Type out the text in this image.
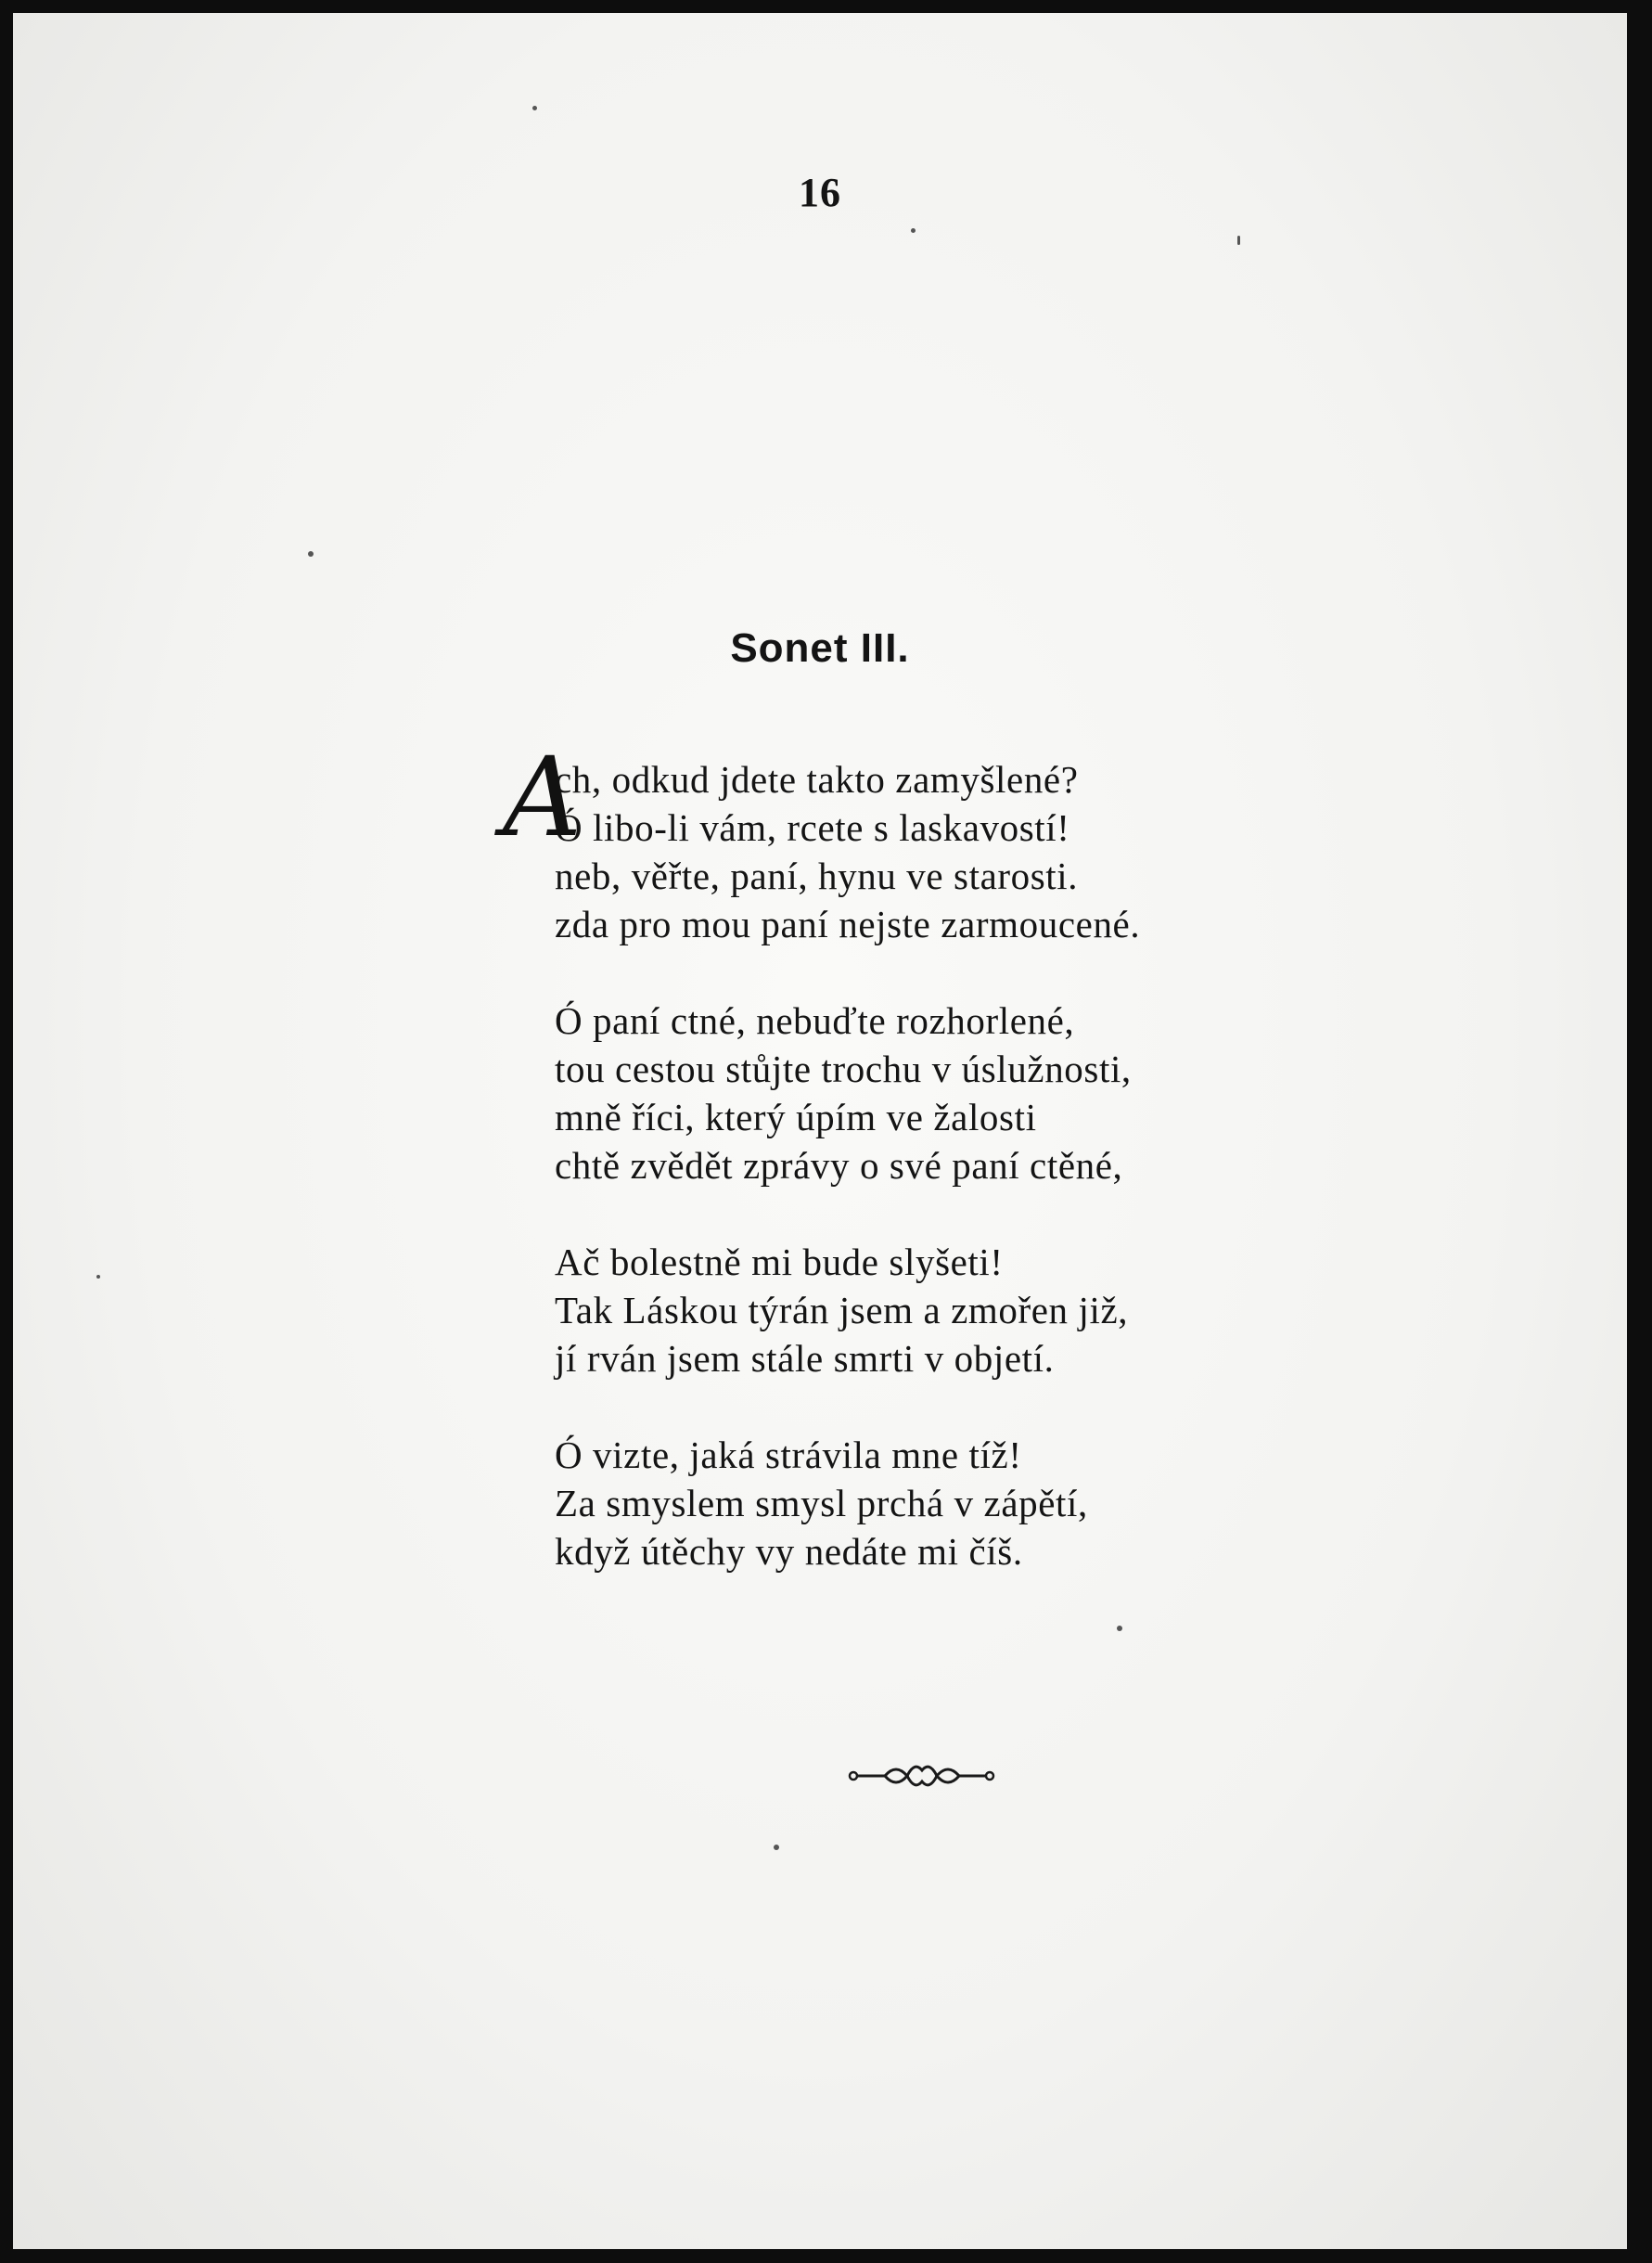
16
Sonet III.
A
ch, odkud jdete takto zamyšlené?
Ó libo-li vám, rcete s laskavostí!
neb, věřte, paní, hynu ve starosti.
zda pro mou paní nejste zarmoucené.
Ó paní ctné, nebuďte rozhorlené,
tou cestou stůjte trochu v úslužnosti,
mně říci, který úpím ve žalosti
chtě zvědět zprávy o své paní ctěné,
Ač bolestně mi bude slyšeti!
Tak Láskou týrán jsem a zmořen již,
jí rván jsem stále smrti v objetí.
Ó vizte, jaká strávila mne tíž!
Za smyslem smysl prchá v zápětí,
když útěchy vy nedáte mi číš.
